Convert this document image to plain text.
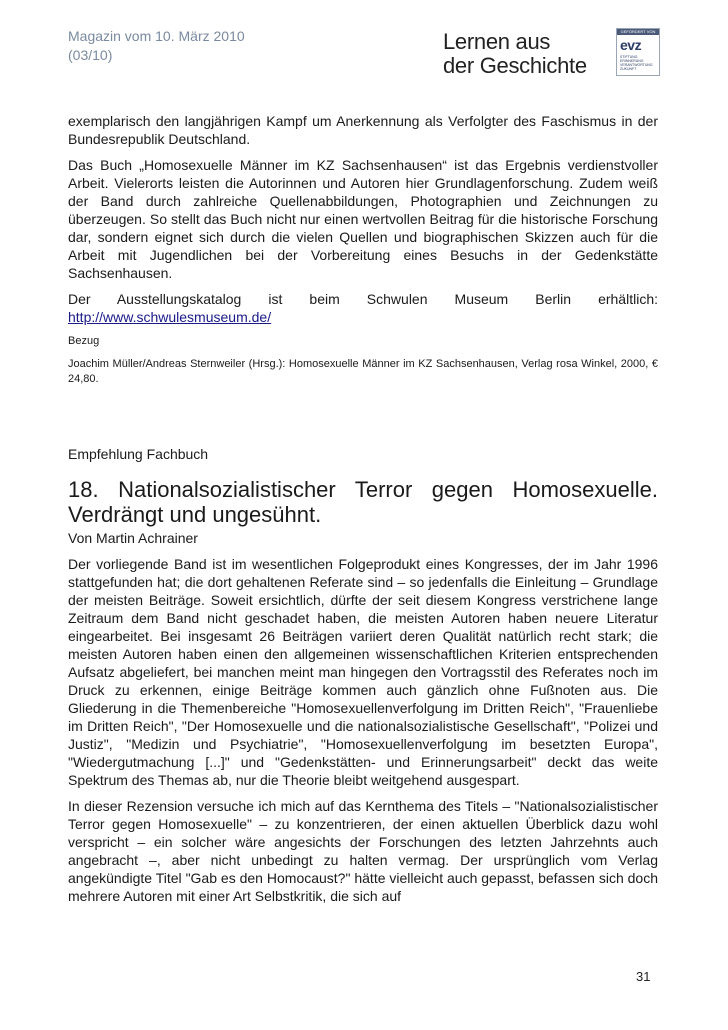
Magazin vom 10. März 2010
(03/10)
Lernen aus
der Geschichte
GEFÖRDERT VON
evz
STIFTUNG
ERINNERUNG
VERANTWORTUNG
ZUKUNFT

exemplarisch den langjährigen Kampf um Anerkennung als Verfolgter des Faschismus in der Bundesrepublik Deutschland.

Das Buch „Homosexuelle Männer im KZ Sachsenhausen“ ist das Ergebnis verdienstvoller Arbeit. Vielerorts leisten die Autorinnen und Autoren hier Grundlagenforschung. Zudem weiß der Band durch zahlreiche Quellenabbildungen, Photographien und Zeichnungen zu überzeugen. So stellt das Buch nicht nur einen wertvollen Beitrag für die historische Forschung dar, sondern eignet sich durch die vielen Quellen und biographischen Skizzen auch für die Arbeit mit Jugendlichen bei der Vorbereitung eines Besuchs in der Gedenkstätte Sachsenhausen.

Der Ausstellungskatalog ist beim Schwulen Museum Berlin erhältlich:

http://www.schwulesmuseum.de/

Bezug

Joachim Müller/Andreas Sternweiler (Hrsg.): Homosexuelle Männer im KZ Sachsenhausen, Verlag rosa Winkel, 2000, € 24,80.

Empfehlung Fachbuch

18. Nationalsozialistischer Terror gegen Homosexuelle. Verdrängt und ungesühnt.

Von Martin Achrainer

Der vorliegende Band ist im wesentlichen Folgeprodukt eines Kongresses, der im Jahr 1996 stattgefunden hat; die dort gehaltenen Referate sind – so jedenfalls die Einleitung – Grundlage der meisten Beiträge. Soweit ersichtlich, dürfte der seit diesem Kongress verstrichene lange Zeitraum dem Band nicht geschadet haben, die meisten Autoren haben neuere Literatur eingearbeitet. Bei insgesamt 26 Beiträgen variiert deren Qualität natürlich recht stark; die meisten Autoren haben einen den allgemeinen wissenschaftlichen Kriterien entsprechenden Aufsatz abgeliefert, bei manchen meint man hingegen den Vortragsstil des Referates noch im Druck zu erkennen, einige Beiträge kommen auch gänzlich ohne Fußnoten aus. Die Gliederung in die Themenbereiche "Homosexuellenverfolgung im Dritten Reich", "Frauenliebe im Dritten Reich", "Der Homosexuelle und die nationalsozialistische Gesellschaft", "Polizei und Justiz", "Medizin und Psychiatrie", "Homosexuellenverfolgung im besetzten Europa", "Wiedergutmachung [...]" und "Gedenkstätten- und Erinnerungsarbeit" deckt das weite Spektrum des Themas ab, nur die Theorie bleibt weitgehend ausgespart.

In dieser Rezension versuche ich mich auf das Kernthema des Titels – "Nationalsozialistischer Terror gegen Homosexuelle" – zu konzentrieren, der einen aktuellen Überblick dazu wohl verspricht – ein solcher wäre angesichts der Forschungen des letzten Jahrzehnts auch angebracht –, aber nicht unbedingt zu halten vermag. Der ursprünglich vom Verlag angekündigte Titel "Gab es den Homocaust?" hätte vielleicht auch gepasst, befassen sich doch mehrere Autoren mit einer Art Selbstkritik, die sich auf

31
